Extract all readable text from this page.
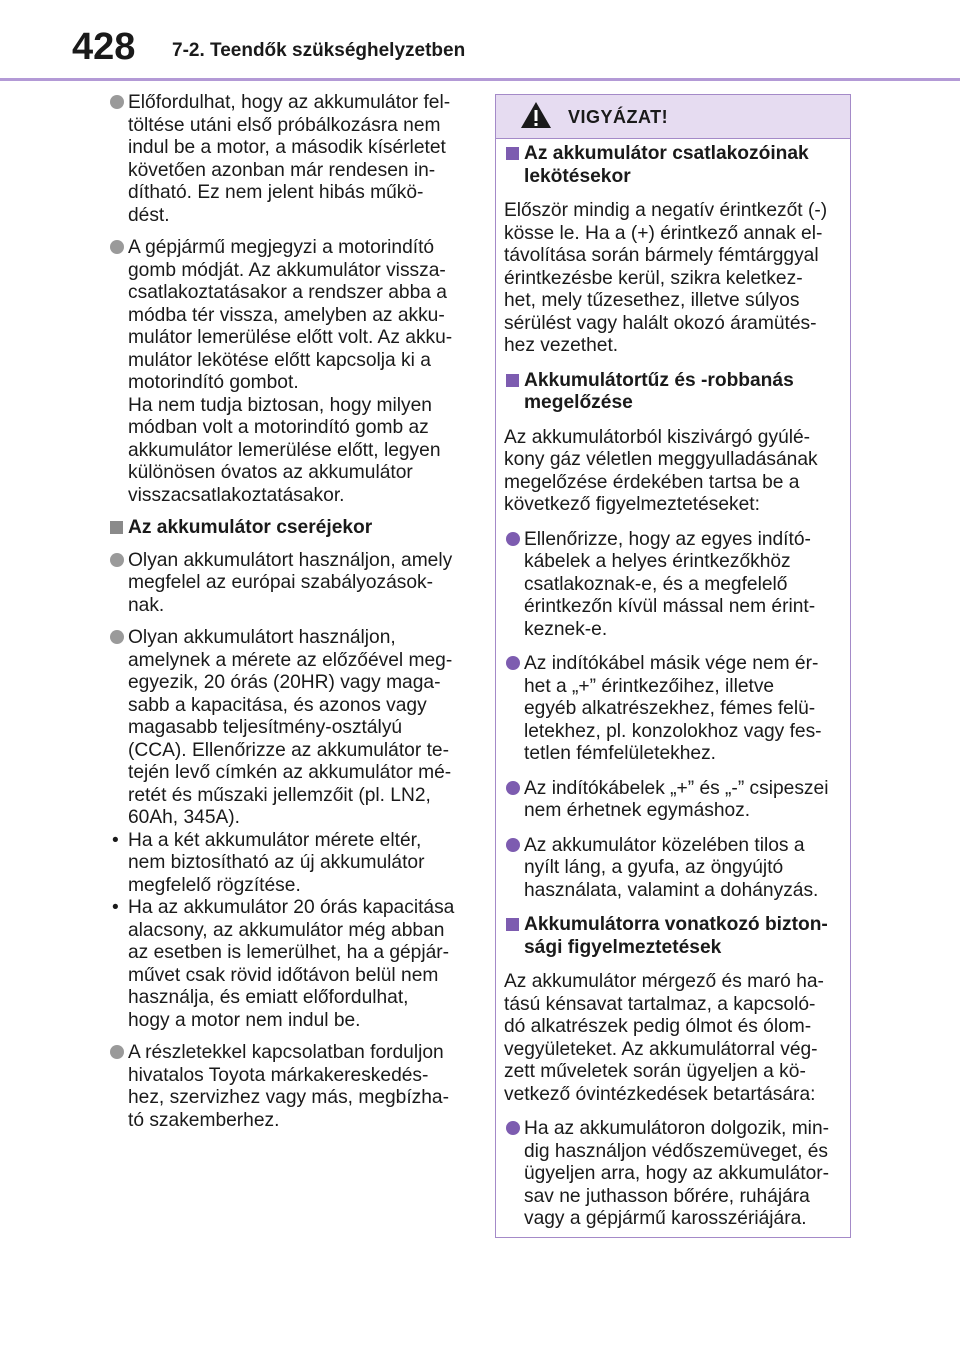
428 7-2. Teendők szükséghelyzetben
Előfordulhat, hogy az akkumulátor fel-
töltése utáni első próbálkozásra nem
indul be a motor, a második kísérletet
követően azonban már rendesen in-
dítható. Ez nem jelent hibás műkö-
dést.
A gépjármű megjegyzi a motorindító
gomb módját. Az akkumulátor vissza-
csatlakoztatásakor a rendszer abba a
módba tér vissza, amelyben az akku-
mulátor lemerülése előtt volt. Az akku-
mulátor lekötése előtt kapcsolja ki a
motorindító gombot.
Ha nem tudja biztosan, hogy milyen
módban volt a motorindító gomb az
akkumulátor lemerülése előtt, legyen
különösen óvatos az akkumulátor
visszacsatlakoztatásakor.
Az akkumulátor cseréjekor
Olyan akkumulátort használjon, amely
megfelel az európai szabályozások-
nak.
Olyan akkumulátort használjon,
amelynek a mérete az előzőével meg-
egyezik, 20 órás (20HR) vagy maga-
sabb a kapacitása, és azonos vagy
magasabb teljesítmény-osztályú
(CCA). Ellenőrizze az akkumulátor te-
tején levő címkén az akkumulátor mé-
retét és műszaki jellemzőit (pl. LN2,
60Ah, 345A).
• Ha a két akkumulátor mérete eltér,
nem biztosítható az új akkumulátor
megfelelő rögzítése.
• Ha az akkumulátor 20 órás kapacitása
alacsony, az akkumulátor még abban
az esetben is lemerülhet, ha a gépjár-
művet csak rövid időtávon belül nem
használja, és emiatt előfordulhat,
hogy a motor nem indul be.
A részletekkel kapcsolatban forduljon
hivatalos Toyota márkakereskedés-
hez, szervizhez vagy más, megbízha-
tó szakemberhez.
VIGYÁZAT!
Az akkumulátor csatlakozóinak
lekötésekor
Először mindig a negatív érintkezőt (-)
kösse le. Ha a (+) érintkező annak el-
távolítása során bármely fémtárggyal
érintkezésbe kerül, szikra keletkez-
het, mely tűzesethez, illetve súlyos
sérülést vagy halált okozó áramütés-
hez vezethet.
Akkumulátortűz és -robbanás
megelőzése
Az akkumulátorból kiszivárgó gyúlé-
kony gáz véletlen meggyulladásának
megelőzése érdekében tartsa be a
következő figyelmeztetéseket:
Ellenőrizze, hogy az egyes indító-
kábelek a helyes érintkezőkhöz
csatlakoznak-e, és a megfelelő
érintkezőn kívül mással nem érint-
keznek-e.
Az indítókábel másik vége nem ér-
het a „+” érintkezőihez, illetve
egyéb alkatrészekhez, fémes felü-
letekhez, pl. konzolokhoz vagy fes-
tetlen fémfelületekhez.
Az indítókábelek „+” és „-” csipeszei
nem érhetnek egymáshoz.
Az akkumulátor közelében tilos a
nyílt láng, a gyufa, az öngyújtó
használata, valamint a dohányzás.
Akkumulátorra vonatkozó bizton-
sági figyelmeztetések
Az akkumulátor mérgező és maró ha-
tású kénsavat tartalmaz, a kapcsoló-
dó alkatrészek pedig ólmot és ólom-
vegyületeket. Az akkumulátorral vég-
zett műveletek során ügyeljen a kö-
vetkező óvintézkedések betartására:
Ha az akkumulátoron dolgozik, min-
dig használjon védőszemüveget, és
ügyeljen arra, hogy az akkumulátor-
sav ne juthasson bőrére, ruhájára
vagy a gépjármű karosszériájára.
